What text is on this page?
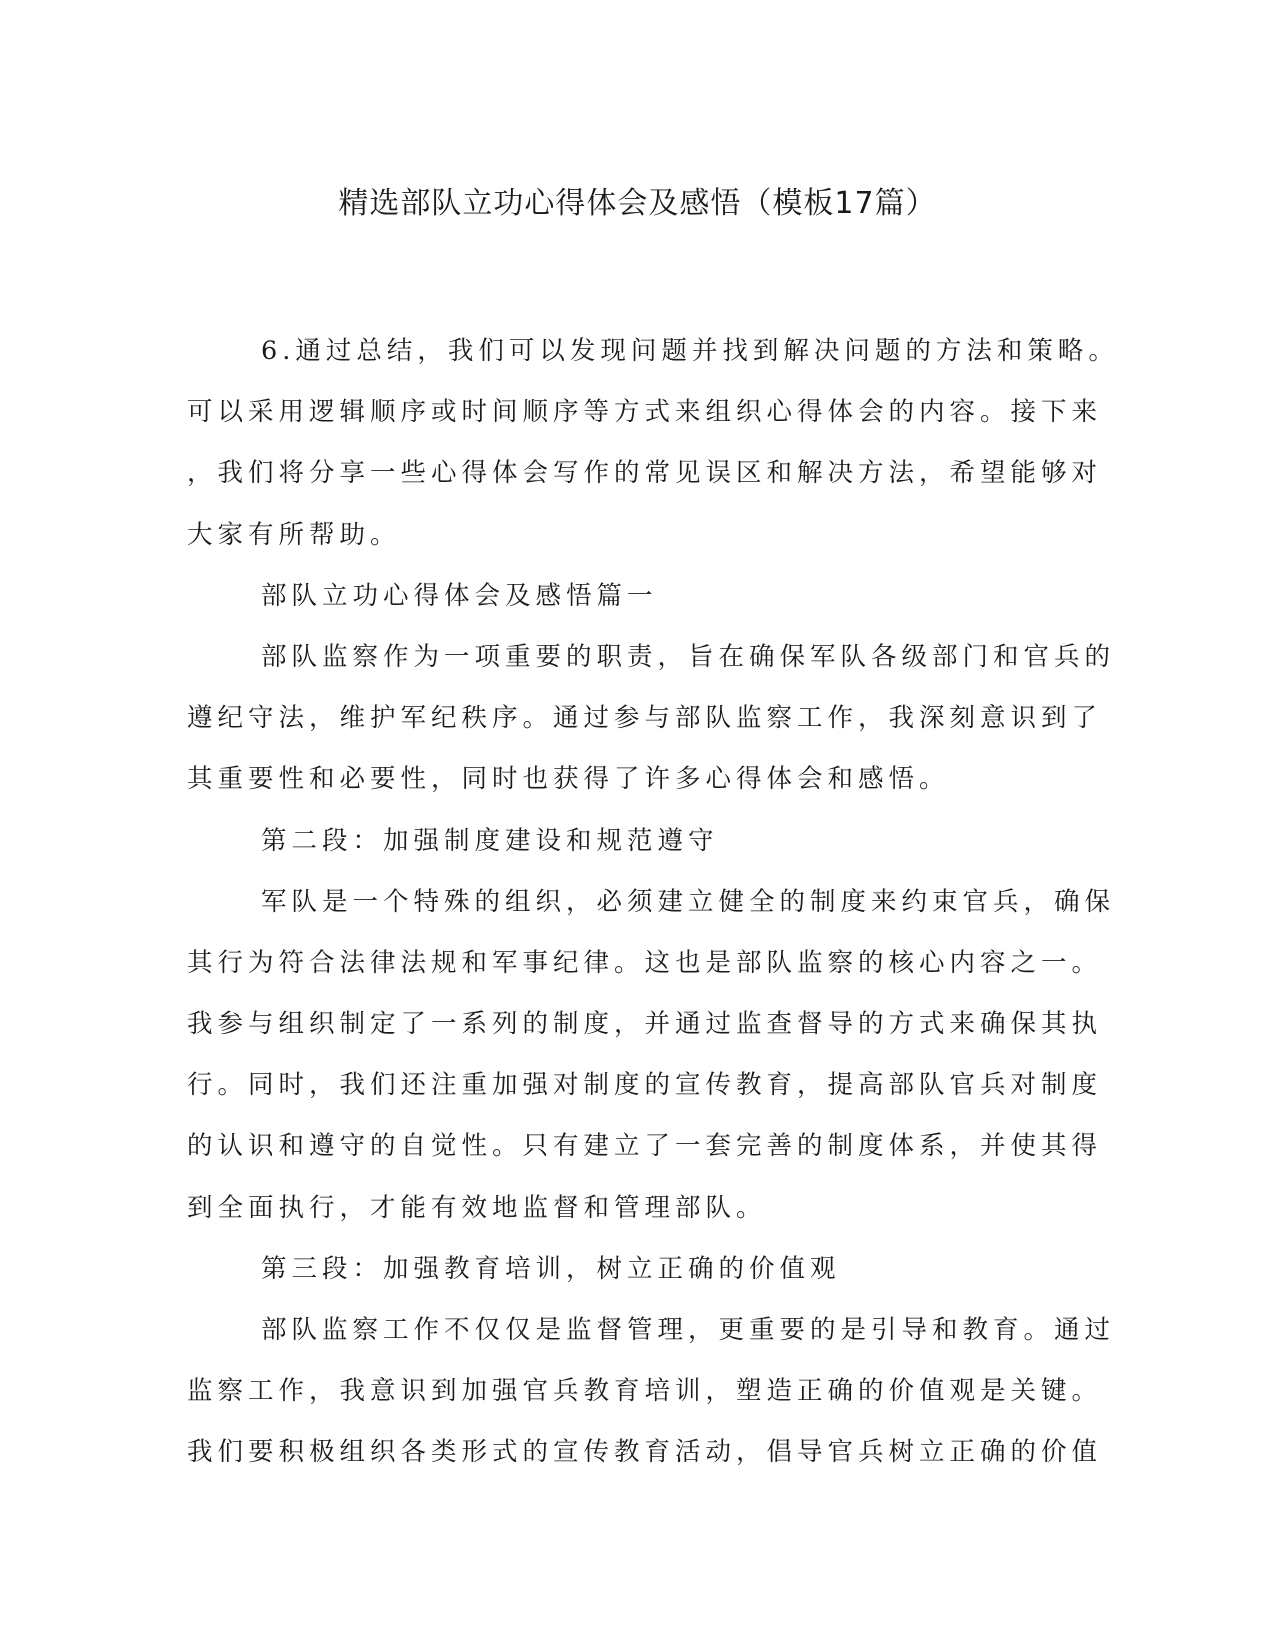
精选部队立功心得体会及感悟（模板17篇）
6.通过总结，我们可以发现问题并找到解决问题的方法和策略。
可以采用逻辑顺序或时间顺序等方式来组织心得体会的内容。接下来
，我们将分享一些心得体会写作的常见误区和解决方法，希望能够对
大家有所帮助。
部队立功心得体会及感悟篇一
部队监察作为一项重要的职责，旨在确保军队各级部门和官兵的
遵纪守法，维护军纪秩序。通过参与部队监察工作，我深刻意识到了
其重要性和必要性，同时也获得了许多心得体会和感悟。
第二段：加强制度建设和规范遵守
军队是一个特殊的组织，必须建立健全的制度来约束官兵，确保
其行为符合法律法规和军事纪律。这也是部队监察的核心内容之一。
我参与组织制定了一系列的制度，并通过监查督导的方式来确保其执
行。同时，我们还注重加强对制度的宣传教育，提高部队官兵对制度
的认识和遵守的自觉性。只有建立了一套完善的制度体系，并使其得
到全面执行，才能有效地监督和管理部队。
第三段：加强教育培训，树立正确的价值观
部队监察工作不仅仅是监督管理，更重要的是引导和教育。通过
监察工作，我意识到加强官兵教育培训，塑造正确的价值观是关键。
我们要积极组织各类形式的宣传教育活动，倡导官兵树立正确的价值
